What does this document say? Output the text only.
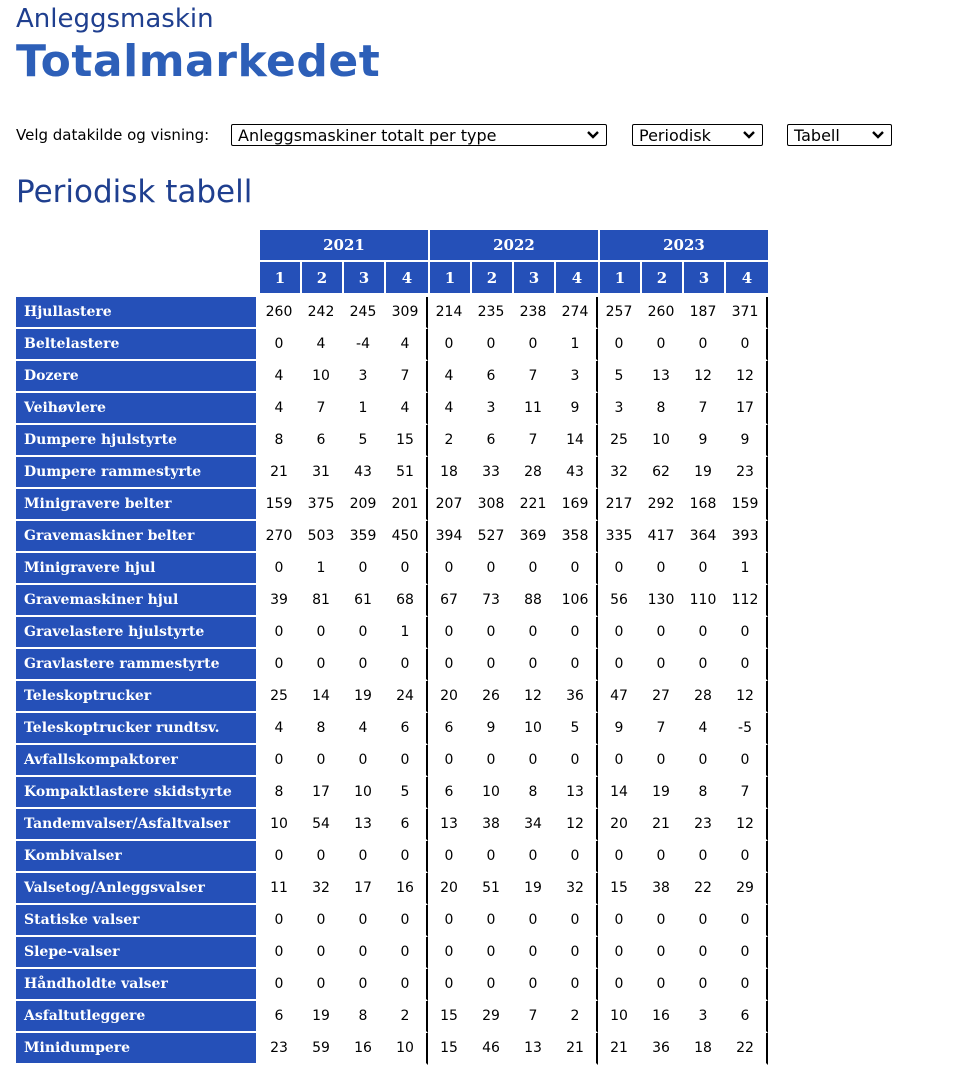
Anleggsmaskin
Totalmarkedet
Velg datakilde og visning: Anleggsmaskiner totalt per type	Periodisk	Tabell
Periodisk tabell
	2021				2022				2023			
	1	2	3	4	1	2	3	4	1	2	3	4
Hjullastere	260	242	245	309	214	235	238	274	257	260	187	371
Beltelastere	0	4	-4	4	0	0	0	1	0	0	0	0
Dozere	4	10	3	7	4	6	7	3	5	13	12	12
Veihøvlere	4	7	1	4	4	3	11	9	3	8	7	17
Dumpere hjulstyrte	8	6	5	15	2	6	7	14	25	10	9	9
Dumpere rammestyrte	21	31	43	51	18	33	28	43	32	62	19	23
Minigravere belter	159	375	209	201	207	308	221	169	217	292	168	159
Gravemaskiner belter	270	503	359	450	394	527	369	358	335	417	364	393
Minigravere hjul	0	1	0	0	0	0	0	0	0	0	0	1
Gravemaskiner hjul	39	81	61	68	67	73	88	106	56	130	110	112
Gravelastere hjulstyrte	0	0	0	1	0	0	0	0	0	0	0	0
Gravlastere rammestyrte	0	0	0	0	0	0	0	0	0	0	0	0
Teleskoptrucker	25	14	19	24	20	26	12	36	47	27	28	12
Teleskoptrucker rundtsv.	4	8	4	6	6	9	10	5	9	7	4	-5
Avfallskompaktorer	0	0	0	0	0	0	0	0	0	0	0	0
Kompaktlastere skidstyrte	8	17	10	5	6	10	8	13	14	19	8	7
Tandemvalser/Asfaltvalser	10	54	13	6	13	38	34	12	20	21	23	12
Kombivalser	0	0	0	0	0	0	0	0	0	0	0	0
Valsetog/Anleggsvalser	11	32	17	16	20	51	19	32	15	38	22	29
Statiske valser	0	0	0	0	0	0	0	0	0	0	0	0
Slepe-valser	0	0	0	0	0	0	0	0	0	0	0	0
Håndholdte valser	0	0	0	0	0	0	0	0	0	0	0	0
Asfaltutleggere	6	19	8	2	15	29	7	2	10	16	3	6
Minidumpere	23	59	16	10	15	46	13	21	21	36	18	22
